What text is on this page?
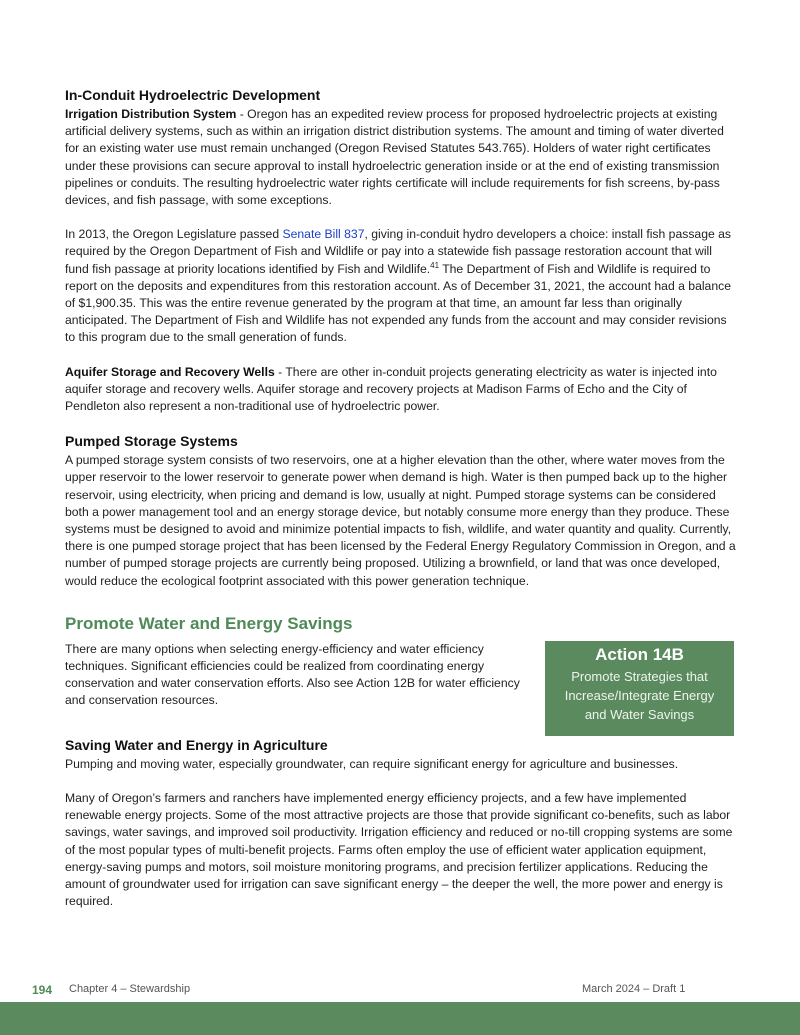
In-Conduit Hydroelectric Development

Irrigation Distribution System - Oregon has an expedited review process for proposed hydroelectric projects at existing artificial delivery systems, such as within an irrigation district distribution systems. The amount and timing of water diverted for an existing water use must remain unchanged (Oregon Revised Statutes 543.765). Holders of water right certificates under these provisions can secure approval to install hydroelectric generation inside or at the end of existing transmission pipelines or conduits. The resulting hydroelectric water rights certificate will include requirements for fish screens, by-pass devices, and fish passage, with some exceptions.

In 2013, the Oregon Legislature passed Senate Bill 837, giving in-conduit hydro developers a choice: install fish passage as required by the Oregon Department of Fish and Wildlife or pay into a statewide fish passage restoration account that will fund fish passage at priority locations identified by Fish and Wildlife.$^{41}$ The Department of Fish and Wildlife is required to report on the deposits and expenditures from this restoration account. As of December 31, 2021, the account had a balance of $1,900.35. This was the entire revenue generated by the program at that time, an amount far less than originally anticipated. The Department of Fish and Wildlife has not expended any funds from the account and may consider revisions to this program due to the small generation of funds.

Aquifer Storage and Recovery Wells - There are other in-conduit projects generating electricity as water is injected into aquifer storage and recovery wells. Aquifer storage and recovery projects at Madison Farms of Echo and the City of Pendleton also represent a non-traditional use of hydroelectric power.

Pumped Storage Systems

A pumped storage system consists of two reservoirs, one at a higher elevation than the other, where water moves from the upper reservoir to the lower reservoir to generate power when demand is high. Water is then pumped back up to the higher reservoir, using electricity, when pricing and demand is low, usually at night. Pumped storage systems can be considered both a power management tool and an energy storage device, but notably consume more energy than they produce. These systems must be designed to avoid and minimize potential impacts to fish, wildlife, and water quantity and quality. Currently, there is one pumped storage project that has been licensed by the Federal Energy Regulatory Commission in Oregon, and a number of pumped storage projects are currently being proposed. Utilizing a brownfield, or land that was once developed, would reduce the ecological footprint associated with this power generation technique.

Promote Water and Energy Savings

There are many options when selecting energy-efficiency and water efficiency techniques. Significant efficiencies could be realized from coordinating energy conservation and water conservation efforts. Also see Action 12B for water efficiency and conservation resources.

Action 14B
Promote Strategies that Increase/Integrate Energy and Water Savings
Saving Water and Energy in Agriculture

Pumping and moving water, especially groundwater, can require significant energy for agriculture and businesses.

Many of Oregon’s farmers and ranchers have implemented energy efficiency projects, and a few have implemented renewable energy projects. Some of the most attractive projects are those that provide significant co-benefits, such as labor savings, water savings, and improved soil productivity. Irrigation efficiency and reduced or no-till cropping systems are some of the most popular types of multi-benefit projects. Farms often employ the use of efficient water application equipment, energy-saving pumps and motors, soil moisture monitoring programs, and precision fertilizer applications. Reducing the amount of groundwater used for irrigation can save significant energy – the deeper the well, the more power and energy is required.

194 Chapter 4 – Stewardship	March 2024 – Draft 1
